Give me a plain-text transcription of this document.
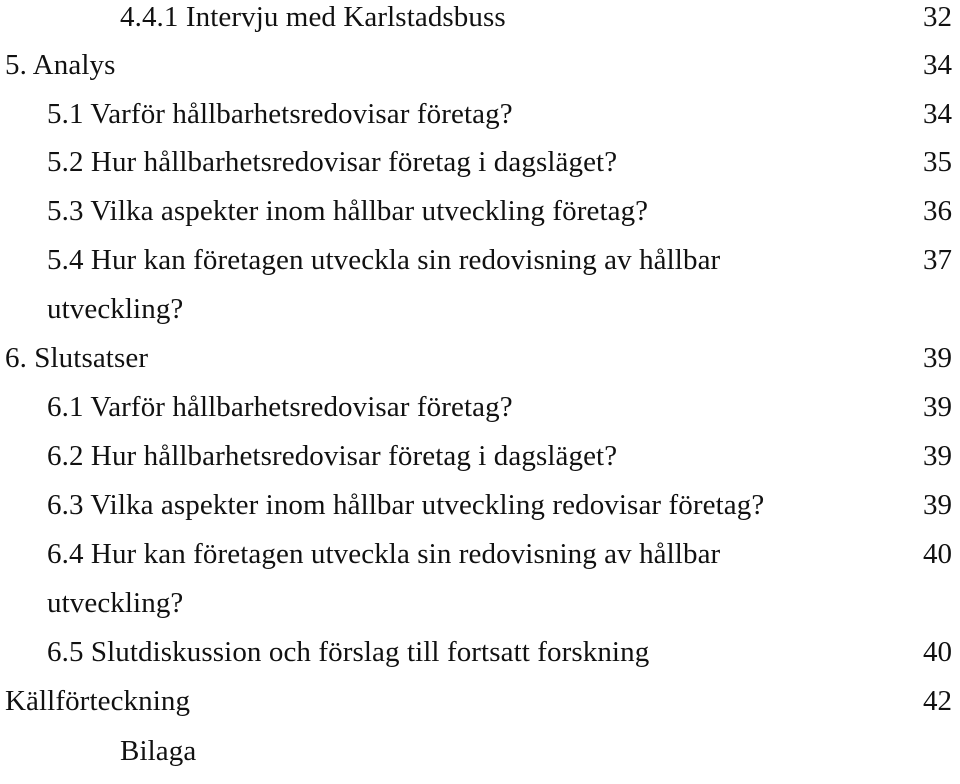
4.4.1 Intervju med Karlstadsbuss	32
5. Analys	34
5.1 Varför hållbarhetsredovisar företag?	34
5.2 Hur hållbarhetsredovisar företag i dagsläget?	35
5.3 Vilka aspekter inom hållbar utveckling företag?	36
5.4 Hur kan företagen utveckla sin redovisning av hållbar	37
utveckling?
6. Slutsatser	39
6.1 Varför hållbarhetsredovisar företag?	39
6.2 Hur hållbarhetsredovisar företag i dagsläget?	39
6.3 Vilka aspekter inom hållbar utveckling redovisar företag?	39
6.4 Hur kan företagen utveckla sin redovisning av hållbar	40
utveckling?
6.5 Slutdiskussion och förslag till fortsatt forskning	40
Källförteckning	42
Bilaga
